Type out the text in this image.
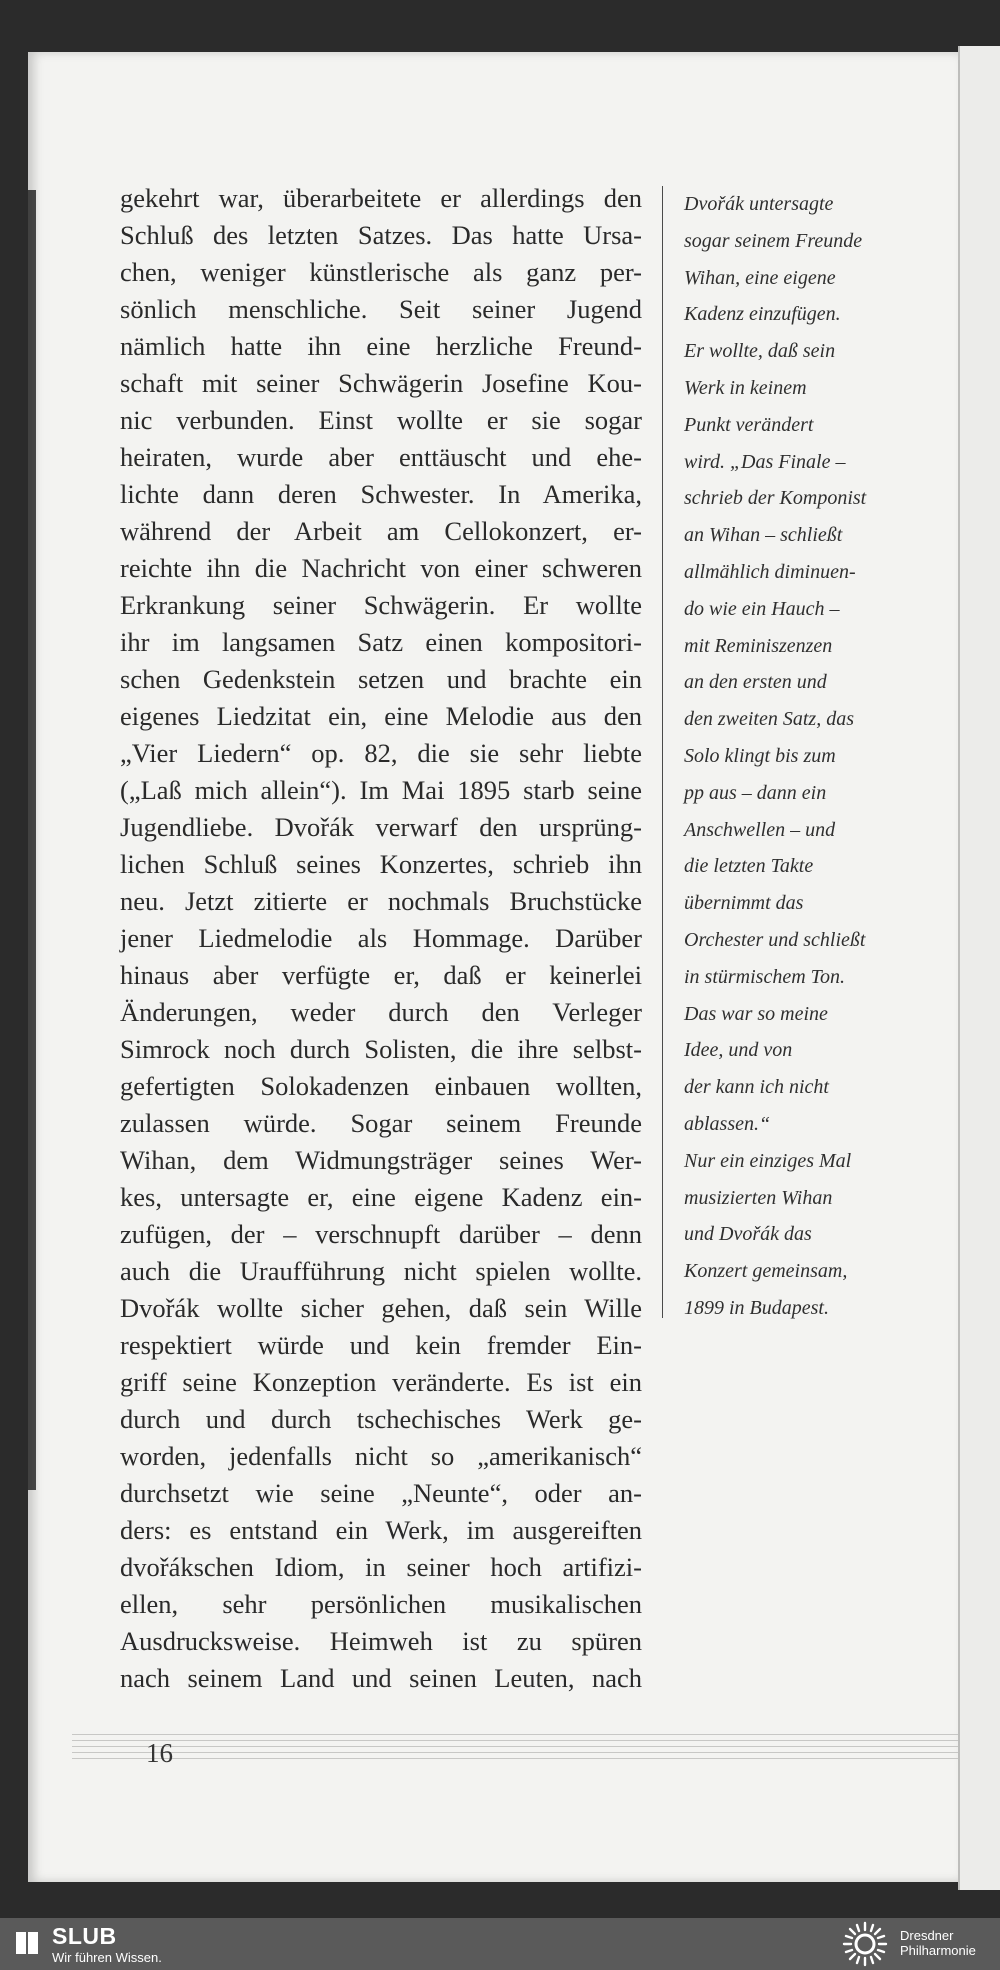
gekehrt war, überarbeitete er allerdings den
Schluß des letzten Satzes. Das hatte Ursa-
chen, weniger künstlerische als ganz per-
sönlich menschliche. Seit seiner Jugend
nämlich hatte ihn eine herzliche Freund-
schaft mit seiner Schwägerin Josefine Kou-
nic verbunden. Einst wollte er sie sogar
heiraten, wurde aber enttäuscht und ehe-
lichte dann deren Schwester. In Amerika,
während der Arbeit am Cellokonzert, er-
reichte ihn die Nachricht von einer schweren
Erkrankung seiner Schwägerin. Er wollte
ihr im langsamen Satz einen kompositori-
schen Gedenkstein setzen und brachte ein
eigenes Liedzitat ein, eine Melodie aus den
„Vier Liedern“ op. 82, die sie sehr liebte
(„Laß mich allein“). Im Mai 1895 starb seine
Jugendliebe. Dvořák verwarf den ursprüng-
lichen Schluß seines Konzertes, schrieb ihn
neu. Jetzt zitierte er nochmals Bruchstücke
jener Liedmelodie als Hommage. Darüber
hinaus aber verfügte er, daß er keinerlei
Änderungen, weder durch den Verleger
Simrock noch durch Solisten, die ihre selbst-
gefertigten Solokadenzen einbauen wollten,
zulassen würde. Sogar seinem Freunde
Wihan, dem Widmungsträger seines Wer-
kes, untersagte er, eine eigene Kadenz ein-
zufügen, der – verschnupft darüber – denn
auch die Uraufführung nicht spielen wollte.
Dvořák wollte sicher gehen, daß sein Wille
respektiert würde und kein fremder Ein-
griff seine Konzeption veränderte. Es ist ein
durch und durch tschechisches Werk ge-
worden, jedenfalls nicht so „amerikanisch“
durchsetzt wie seine „Neunte“, oder an-
ders: es entstand ein Werk, im ausgereiften
dvořákschen Idiom, in seiner hoch artifizi-
ellen, sehr persönlichen musikalischen
Ausdrucksweise. Heimweh ist zu spüren
nach seinem Land und seinen Leuten, nach
Dvořák untersagte
sogar seinem Freunde
Wihan, eine eigene
Kadenz einzufügen.
Er wollte, daß sein
Werk in keinem
Punkt verändert
wird. „Das Finale –
schrieb der Komponist
an Wihan – schließt
allmählich diminuen-
do wie ein Hauch –
mit Reminiszenzen
an den ersten und
den zweiten Satz, das
Solo klingt bis zum
pp aus – dann ein
Anschwellen – und
die letzten Takte
übernimmt das
Orchester und schließt
in stürmischem Ton.
Das war so meine
Idee, und von
der kann ich nicht
ablassen.“
Nur ein einziges Mal
musizierten Wihan
und Dvořák das
Konzert gemeinsam,
1899 in Budapest.
16
SLUB
Wir führen Wissen.
Dresdner
Philharmonie
